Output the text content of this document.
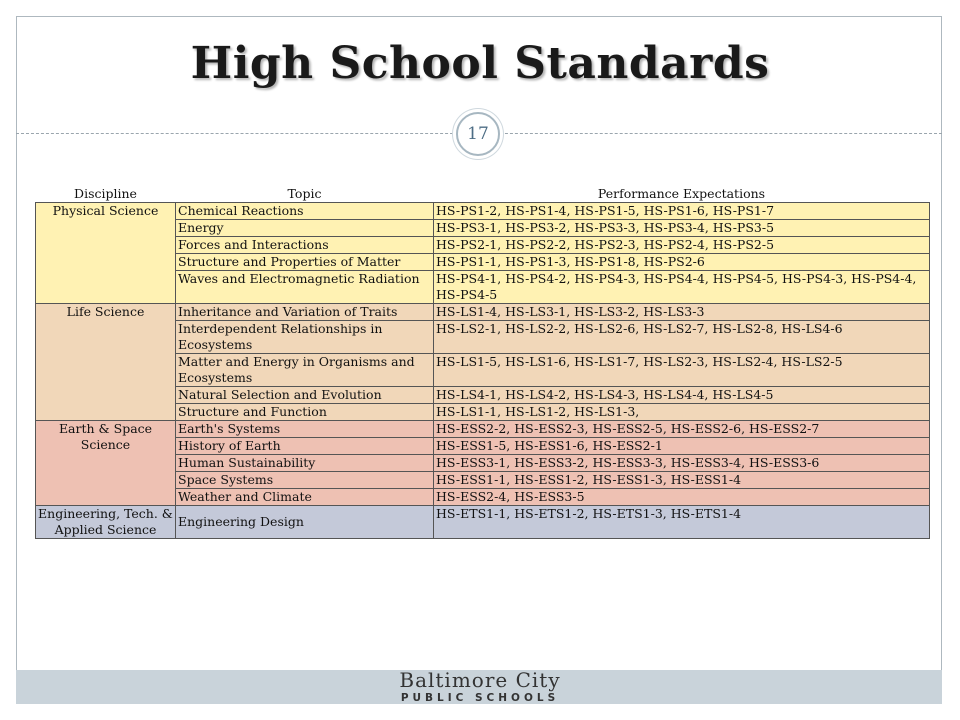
High School Standards
17
Discipline	Topic	Performance Expectations
Physical Science	Chemical Reactions	HS-PS1-2, HS-PS1-4, HS-PS1-5, HS-PS1-6, HS-PS1-7
	Energy	HS-PS3-1, HS-PS3-2, HS-PS3-3, HS-PS3-4, HS-PS3-5
	Forces and Interactions	HS-PS2-1, HS-PS2-2, HS-PS2-3, HS-PS2-4, HS-PS2-5
	Structure and Properties of Matter	HS-PS1-1, HS-PS1-3, HS-PS1-8, HS-PS2-6
	Waves and Electromagnetic Radiation	HS-PS4-1, HS-PS4-2, HS-PS4-3, HS-PS4-4, HS-PS4-5, HS-PS4-3, HS-PS4-4, HS-PS4-5
Life Science	Inheritance and Variation of Traits	HS-LS1-4, HS-LS3-1, HS-LS3-2, HS-LS3-3
	Interdependent Relationships in Ecosystems	HS-LS2-1, HS-LS2-2, HS-LS2-6, HS-LS2-7, HS-LS2-8, HS-LS4-6
	Matter and Energy in Organisms and Ecosystems	HS-LS1-5, HS-LS1-6, HS-LS1-7, HS-LS2-3, HS-LS2-4, HS-LS2-5
	Natural Selection and Evolution	HS-LS4-1, HS-LS4-2, HS-LS4-3, HS-LS4-4, HS-LS4-5
	Structure and Function	HS-LS1-1, HS-LS1-2, HS-LS1-3,
Earth & Space Science	Earth's Systems	HS-ESS2-2, HS-ESS2-3, HS-ESS2-5, HS-ESS2-6, HS-ESS2-7
	History of Earth	HS-ESS1-5, HS-ESS1-6, HS-ESS2-1
	Human Sustainability	HS-ESS3-1, HS-ESS3-2, HS-ESS3-3, HS-ESS3-4, HS-ESS3-6
	Space Systems	HS-ESS1-1, HS-ESS1-2, HS-ESS1-3, HS-ESS1-4
	Weather and Climate	HS-ESS2-4, HS-ESS3-5
Engineering, Tech. & Applied Science	Engineering Design	HS-ETS1-1, HS-ETS1-2, HS-ETS1-3, HS-ETS1-4
Baltimore City
PUBLIC SCHOOLS
